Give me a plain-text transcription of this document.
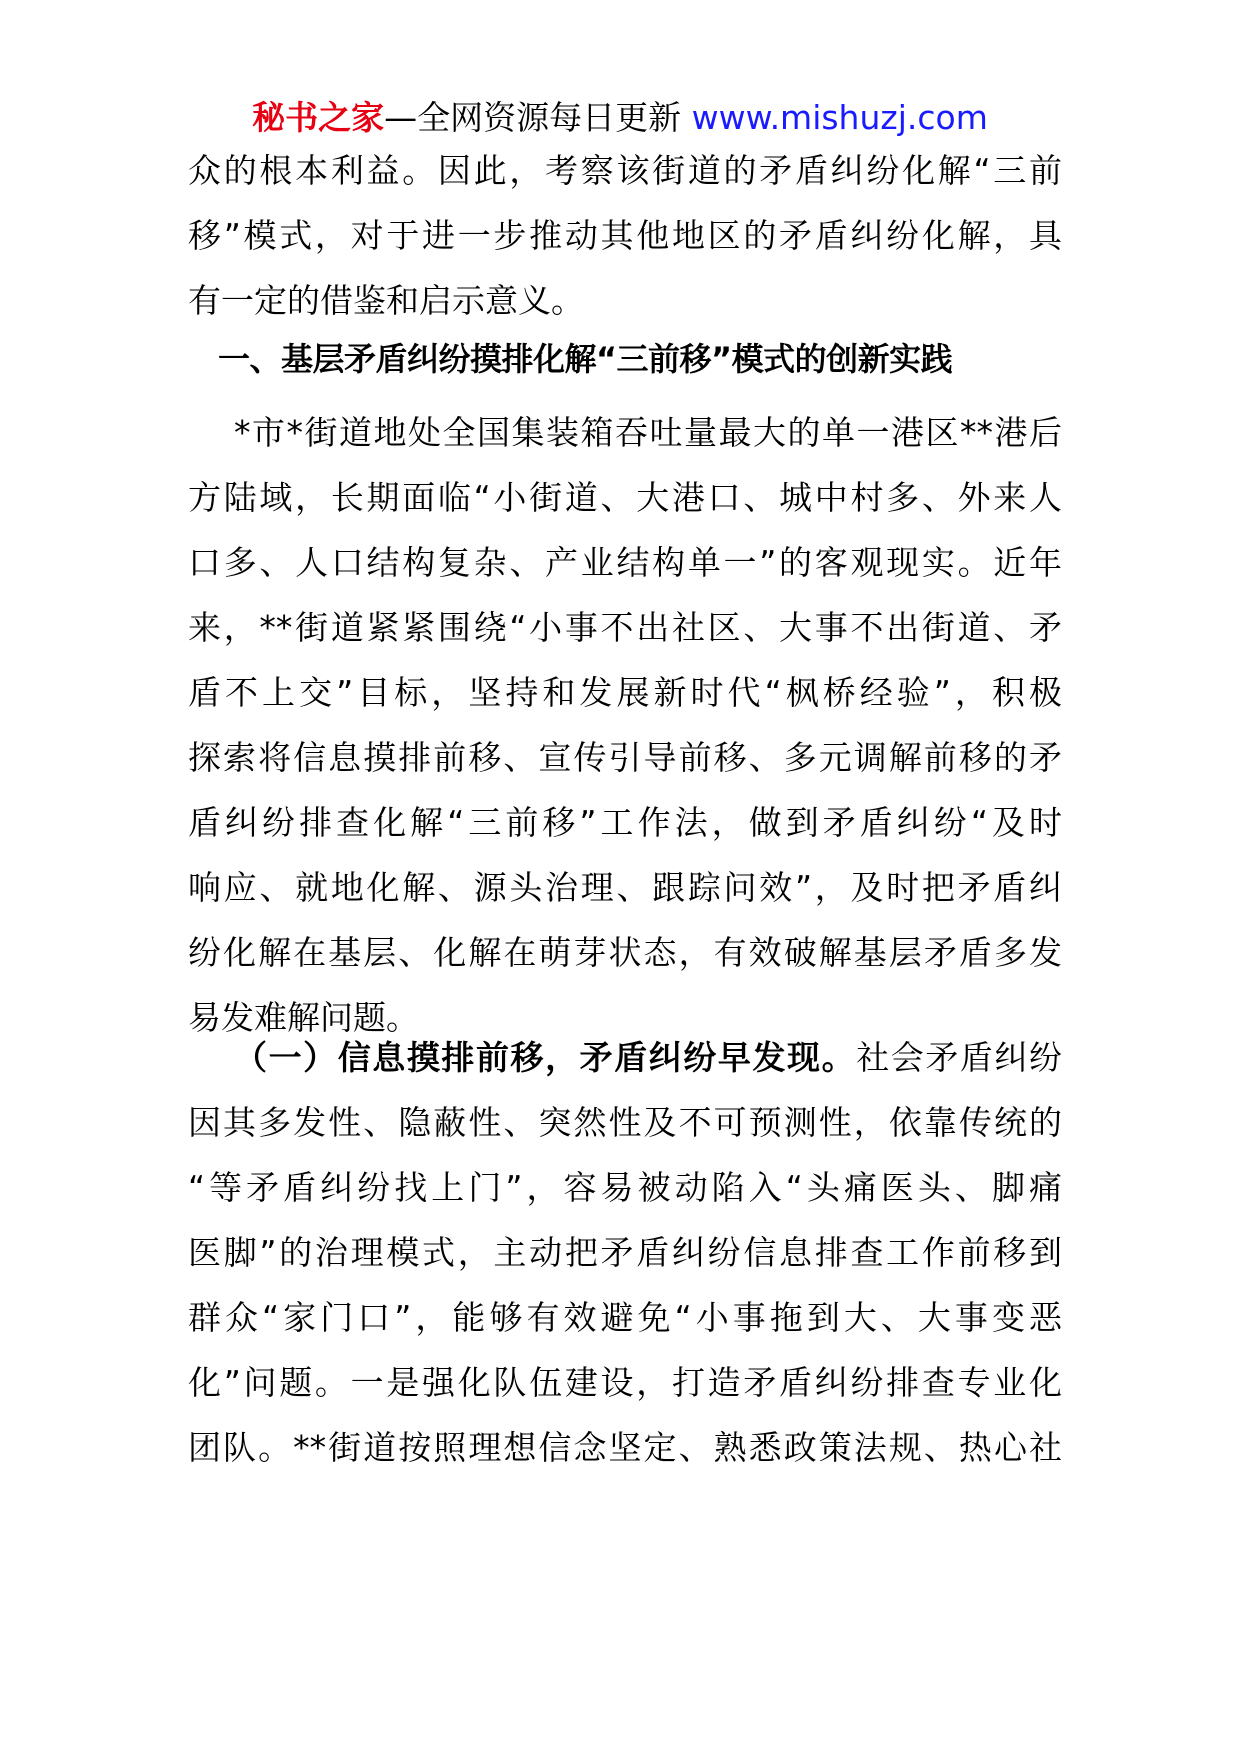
秘书之家—全网资源每日更新 www.mishuzj.com
众的根本利益。因此，考察该街道的矛盾纠纷化解“三前
移”模式，对于进一步推动其他地区的矛盾纠纷化解，具
有一定的借鉴和启示意义。
一、基层矛盾纠纷摸排化解“三前移”模式的创新实践
*市*街道地处全国集装箱吞吐量最大的单一港区**港后
方陆域，长期面临“小街道、大港口、城中村多、外来人
口多、人口结构复杂、产业结构单一”的客观现实。近年
来，**街道紧紧围绕“小事不出社区、大事不出街道、矛
盾不上交”目标，坚持和发展新时代“枫桥经验”，积极
探索将信息摸排前移、宣传引导前移、多元调解前移的矛
盾纠纷排查化解“三前移”工作法，做到矛盾纠纷“及时
响应、就地化解、源头治理、跟踪问效”，及时把矛盾纠
纷化解在基层、化解在萌芽状态，有效破解基层矛盾多发
易发难解问题。
（一）信息摸排前移，矛盾纠纷早发现。社会矛盾纠纷
因其多发性、隐蔽性、突然性及不可预测性，依靠传统的
“等矛盾纠纷找上门”，容易被动陷入“头痛医头、脚痛
医脚”的治理模式，主动把矛盾纠纷信息排查工作前移到
群众“家门口”，能够有效避免“小事拖到大、大事变恶
化”问题。一是强化队伍建设，打造矛盾纠纷排查专业化
团队。**街道按照理想信念坚定、熟悉政策法规、热心社
